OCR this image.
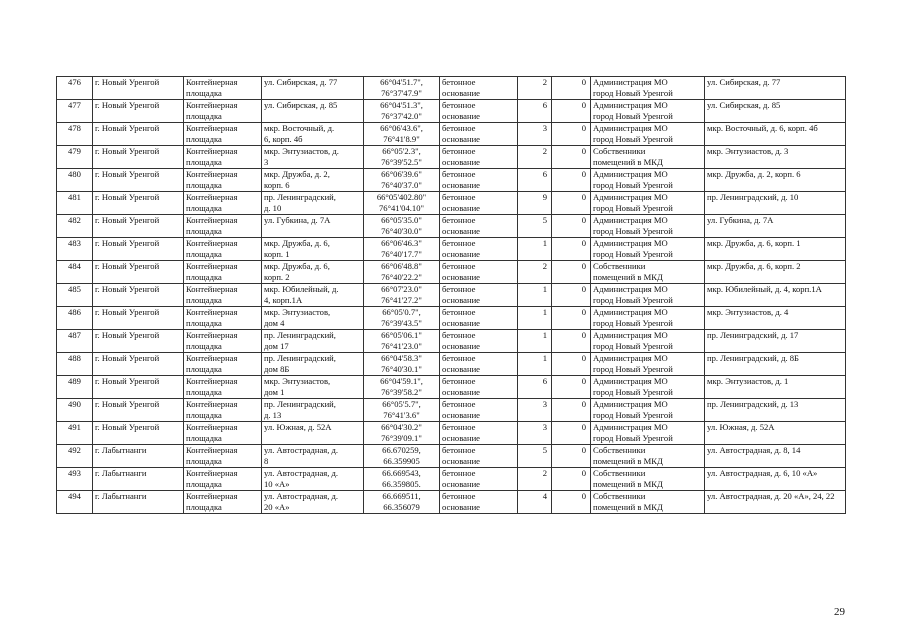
476	г. Новый Уренгой	Контейнерная
площадка	ул. Сибирская, д. 77	66°04'51.7",
76°37'47.9"	бетонное
основание	2	0	Администрация МО
город Новый Уренгой	ул. Сибирская, д. 77

477	г. Новый Уренгой	Контейнерная
площадка	ул. Сибирская, д. 85	66°04'51.3",
76°37'42.0"	бетонное
основание	6	0	Администрация МО
город Новый Уренгой	ул. Сибирская, д. 85

478	г. Новый Уренгой	Контейнерная
площадка	мкр. Восточный, д.
6, корп. 4б	66°06'43.6",
76°41'8.9"	бетонное
основание	3	0	Администрация МО
город Новый Уренгой	мкр. Восточный, д. 6, корп. 4б

479	г. Новый Уренгой	Контейнерная
площадка	мкр. Энтузиастов, д.
3	66°05'2.3",
76°39'52.5"	бетонное
основание	2	0	Собственники
помещений в МКД	мкр. Энтузиастов, д. 3

480	г. Новый Уренгой	Контейнерная
площадка	мкр. Дружба, д. 2,
корп. 6	66°06'39.6"
76°40'37.0"	бетонное
основание	6	0	Администрация МО
город Новый Уренгой	мкр. Дружба, д. 2, корп. 6

481	г. Новый Уренгой	Контейнерная
площадка	пр. Ленинградский,
д. 10	66°05'402.80"
76°41'04.10"	бетонное
основание	9	0	Администрация МО
город Новый Уренгой	пр. Ленинградский, д. 10

482	г. Новый Уренгой	Контейнерная
площадка	ул. Губкина, д. 7А	66°05'35.0"
76°40'30.0"	бетонное
основание	5	0	Администрация МО
город Новый Уренгой	ул. Губкина, д. 7А

483	г. Новый Уренгой	Контейнерная
площадка	мкр. Дружба, д. 6,
корп. 1	66°06'46.3"
76°40'17.7"	бетонное
основание	1	0	Администрация МО
город Новый Уренгой	мкр. Дружба, д. 6, корп. 1

484	г. Новый Уренгой	Контейнерная
площадка	мкр. Дружба, д. 6,
корп. 2	66°06'48.8"
76°40'22.2"	бетонное
основание	2	0	Собственники
помещений в МКД	мкр. Дружба, д. 6, корп. 2

485	г. Новый Уренгой	Контейнерная
площадка	мкр. Юбилейный, д.
4, корп.1А	66°07'23.0"
76°41'27.2"	бетонное
основание	1	0	Администрация МО
город Новый Уренгой	мкр. Юбилейный, д. 4, корп.1А

486	г. Новый Уренгой	Контейнерная
площадка	мкр. Энтузиастов,
дом 4	66°05'0.7",
76°39'43.5"	бетонное
основание	1	0	Администрация МО
город Новый Уренгой	мкр. Энтузиастов, д. 4

487	г. Новый Уренгой	Контейнерная
площадка	пр. Ленинградский,
дом 17	66°05'06.1"
76°41'23.0"	бетонное
основание	1	0	Администрация МО
город Новый Уренгой	пр. Ленинградский, д. 17

488	г. Новый Уренгой	Контейнерная
площадка	пр. Ленинградский,
дом 8Б	66°04'58.3"
76°40'30.1"	бетонное
основание	1	0	Администрация МО
город Новый Уренгой	пр. Ленинградский, д. 8Б

489	г. Новый Уренгой	Контейнерная
площадка	мкр. Энтузиастов,
дом 1	66°04'59.1",
76°39'58.2"	бетонное
основание	6	0	Администрация МО
город Новый Уренгой	мкр. Энтузиастов, д. 1

490	г. Новый Уренгой	Контейнерная
площадка	пр. Ленинградский,
д. 13	66°05'5.7",
76°41'3.6"	бетонное
основание	3	0	Администрация МО
город Новый Уренгой	пр. Ленинградский, д. 13

491	г. Новый Уренгой	Контейнерная
площадка	ул. Южная, д. 52А	66°04'30.2"
76°39'09.1"	бетонное
основание	3	0	Администрация МО
город Новый Уренгой	ул. Южная, д. 52А

492	г. Лабытнанги	Контейнерная
площадка	ул. Автострадная, д.
8	66.670259,
66.359905	бетонное
основание	5	0	Собственники
помещений в МКД	ул. Автострадная, д. 8, 14

493	г. Лабытнанги	Контейнерная
площадка	ул. Автострадная, д.
10 «А»	66.669543,
66.359805.	бетонное
основание	2	0	Собственники
помещений в МКД	ул. Автострадная, д. 6, 10 «А»

494	г. Лабытнанги	Контейнерная
площадка	ул. Автострадная, д.
20 «А»	66.669511,
66.356079	бетонное
основание	4	0	Собственники
помещений в МКД	ул. Автострадная, д. 20 «А», 24, 22
29
